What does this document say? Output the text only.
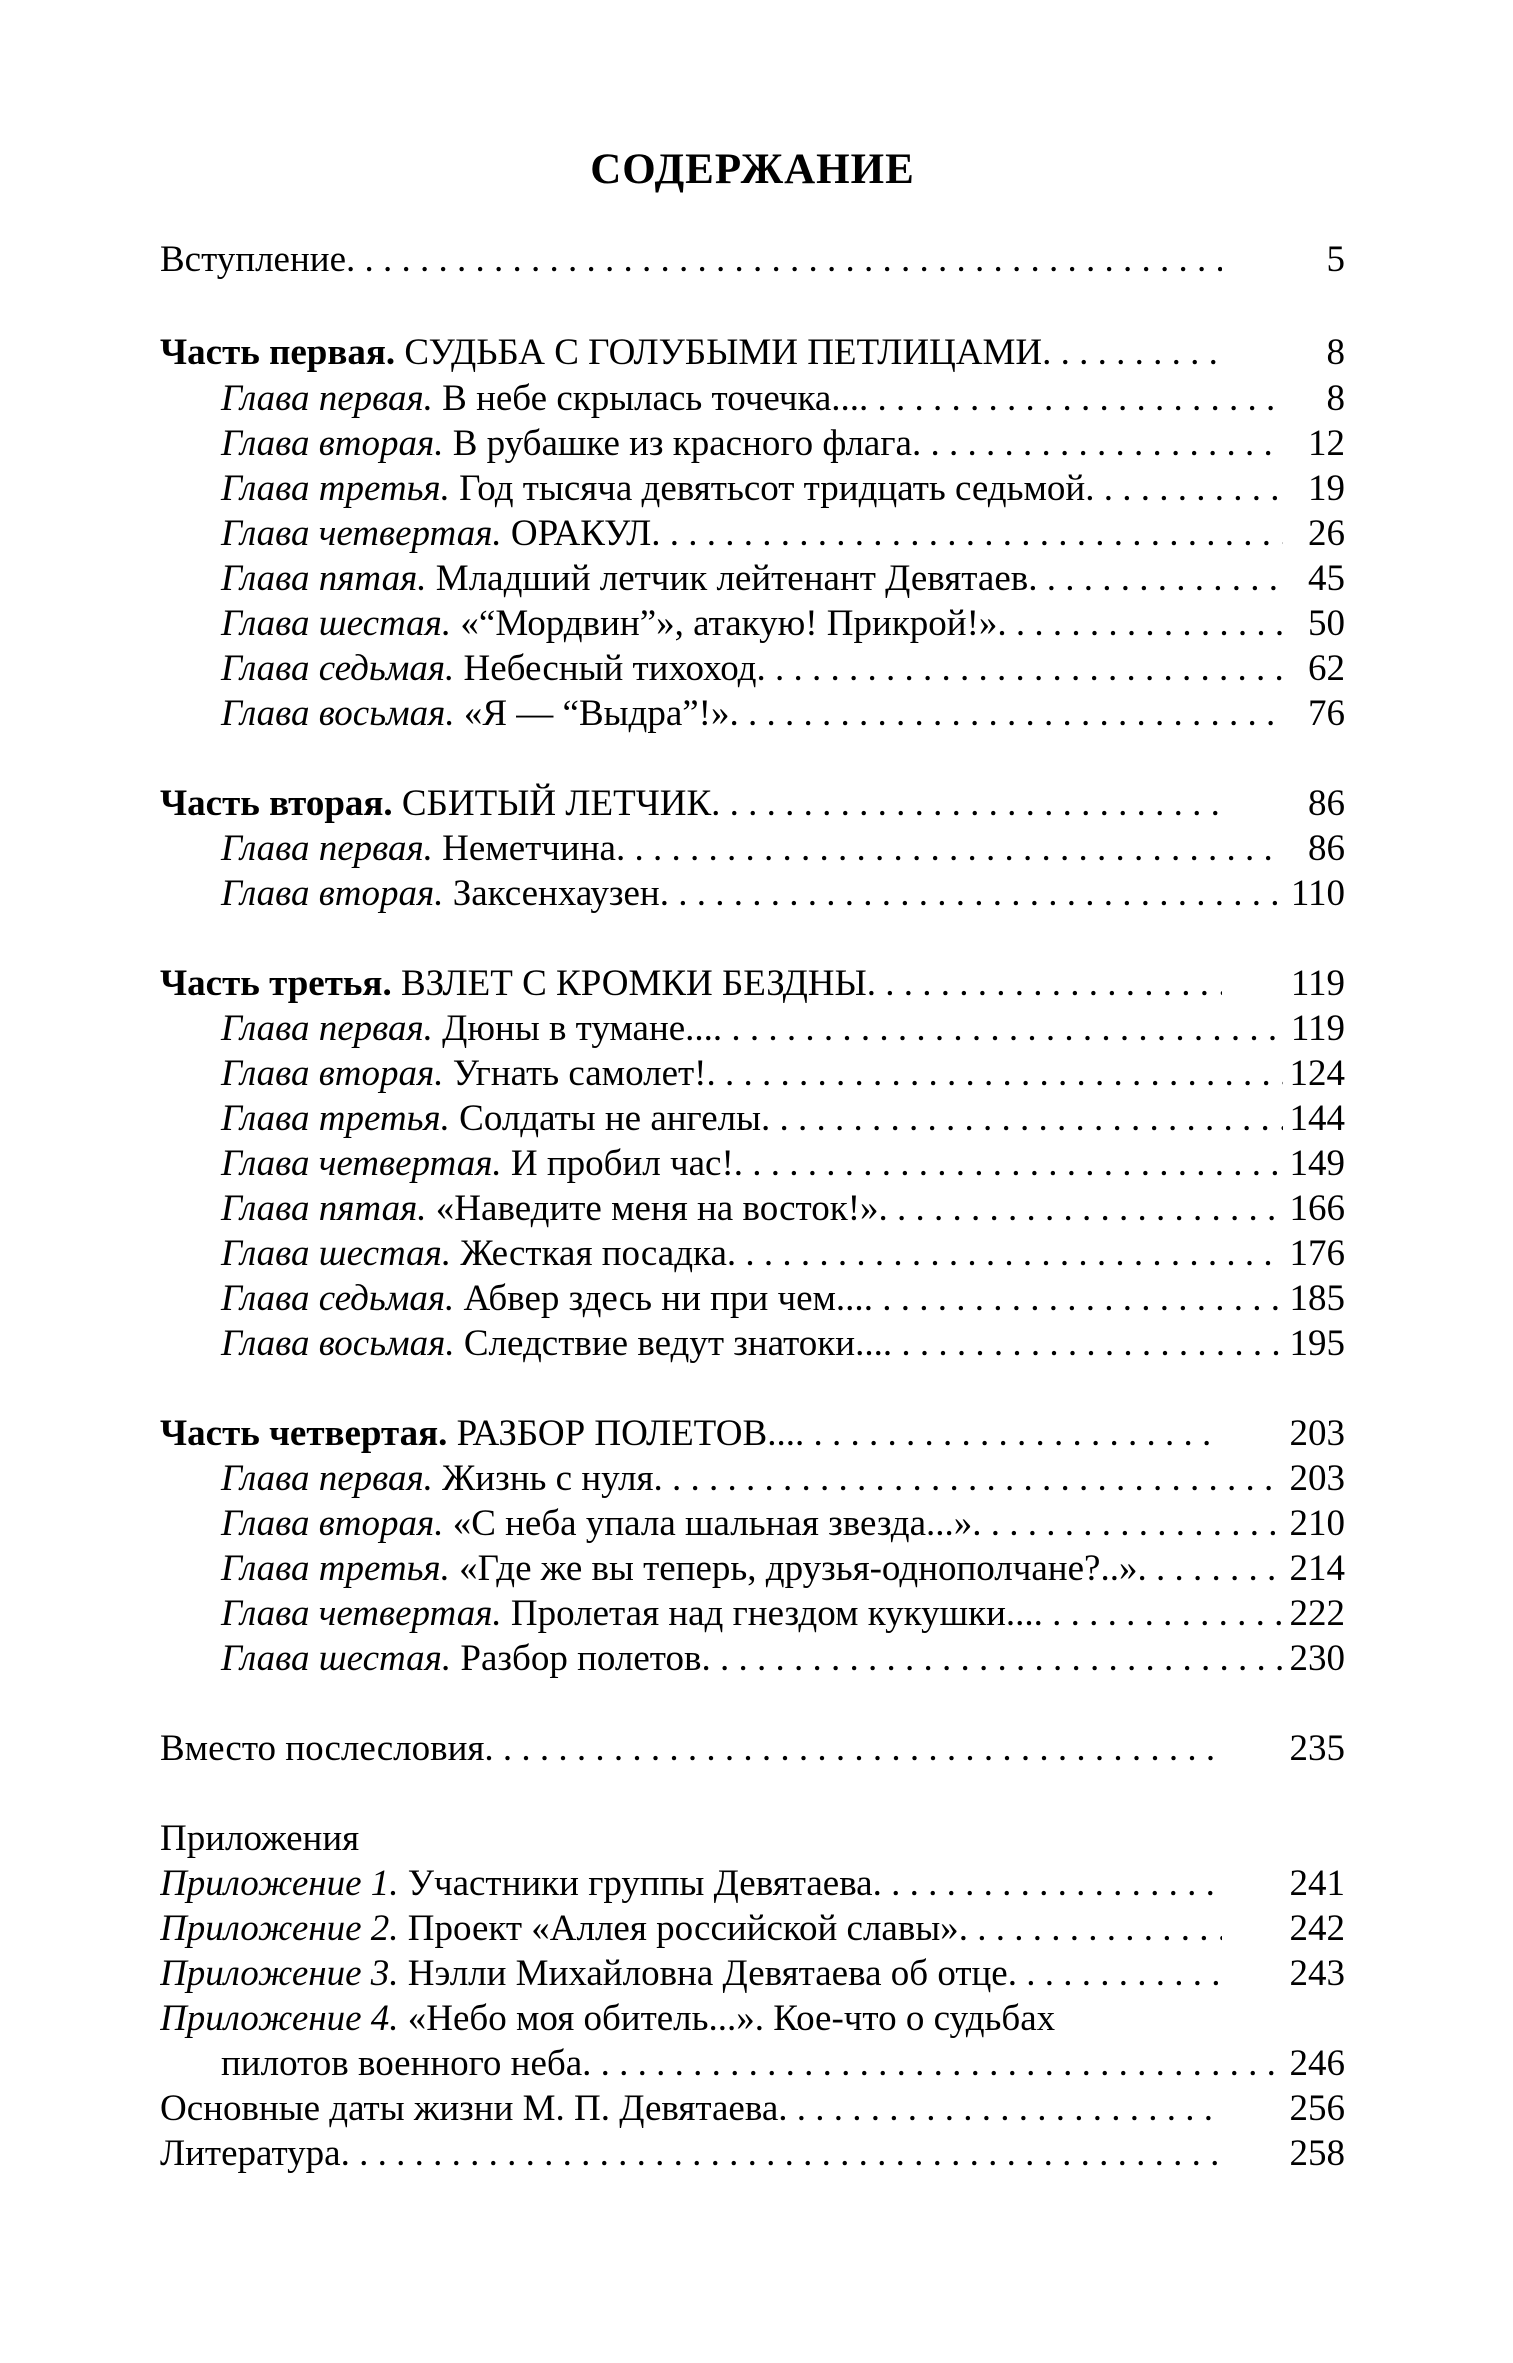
СОДЕРЖАНИЕ
Вступление . . .	5
Часть первая. СУДЬБА С ГОЛУБЫМИ ПЕТЛИЦАМИ . . .	8
Глава первая. В небе скрылась точечка... . . .	8
Глава вторая. В рубашке из красного флага . . .	12
Глава третья. Год тысяча девятьсот тридцать седьмой . . .	19
Глава четвертая. ОРАКУЛ . . .	26
Глава пятая. Младший летчик лейтенант Девятаев . . .	45
Глава шестая. «“Мордвин”», атакую! Прикрой!» . . .	50
Глава седьмая. Небесный тихоход . . .	62
Глава восьмая. «Я — “Выдра”!» . . .	76
Часть вторая. СБИТЫЙ ЛЕТЧИК . . .	86
Глава первая. Неметчина . . .	86
Глава вторая. Заксенхаузен . . .	110
Часть третья. ВЗЛЕТ С КРОМКИ БЕЗДНЫ . . .	119
Глава первая. Дюны в тумане... . . .	119
Глава вторая. Угнать самолет! . . .	124
Глава третья. Солдаты не ангелы . . .	144
Глава четвертая. И пробил час! . . .	149
Глава пятая. «Наведите меня на восток!» . . .	166
Глава шестая. Жесткая посадка . . .	176
Глава седьмая. Абвер здесь ни при чем... . . .	185
Глава восьмая. Следствие ведут знатоки... . . .	195
Часть четвертая. РАЗБОР ПОЛЕТОВ... . . .	203
Глава первая. Жизнь с нуля . . .	203
Глава вторая. «С неба упала шальная звезда...» . . .	210
Глава третья. «Где же вы теперь, друзья-однополчане?..» . . .	214
Глава четвертая. Пролетая над гнездом кукушки... . . .	222
Глава шестая. Разбор полетов . . .	230
Вместо послесловия . . .	235
Приложения
Приложение 1. Участники группы Девятаева . . .	241
Приложение 2. Проект «Аллея российской славы» . . .	242
Приложение 3. Нэлли Михайловна Девятаева об отце . . .	243
Приложение 4. «Небо моя обитель...». Кое-что о судьбах
пилотов военного неба . . .	246
Основные даты жизни М. П. Девятаева . . .	256
Литература . . .	258
